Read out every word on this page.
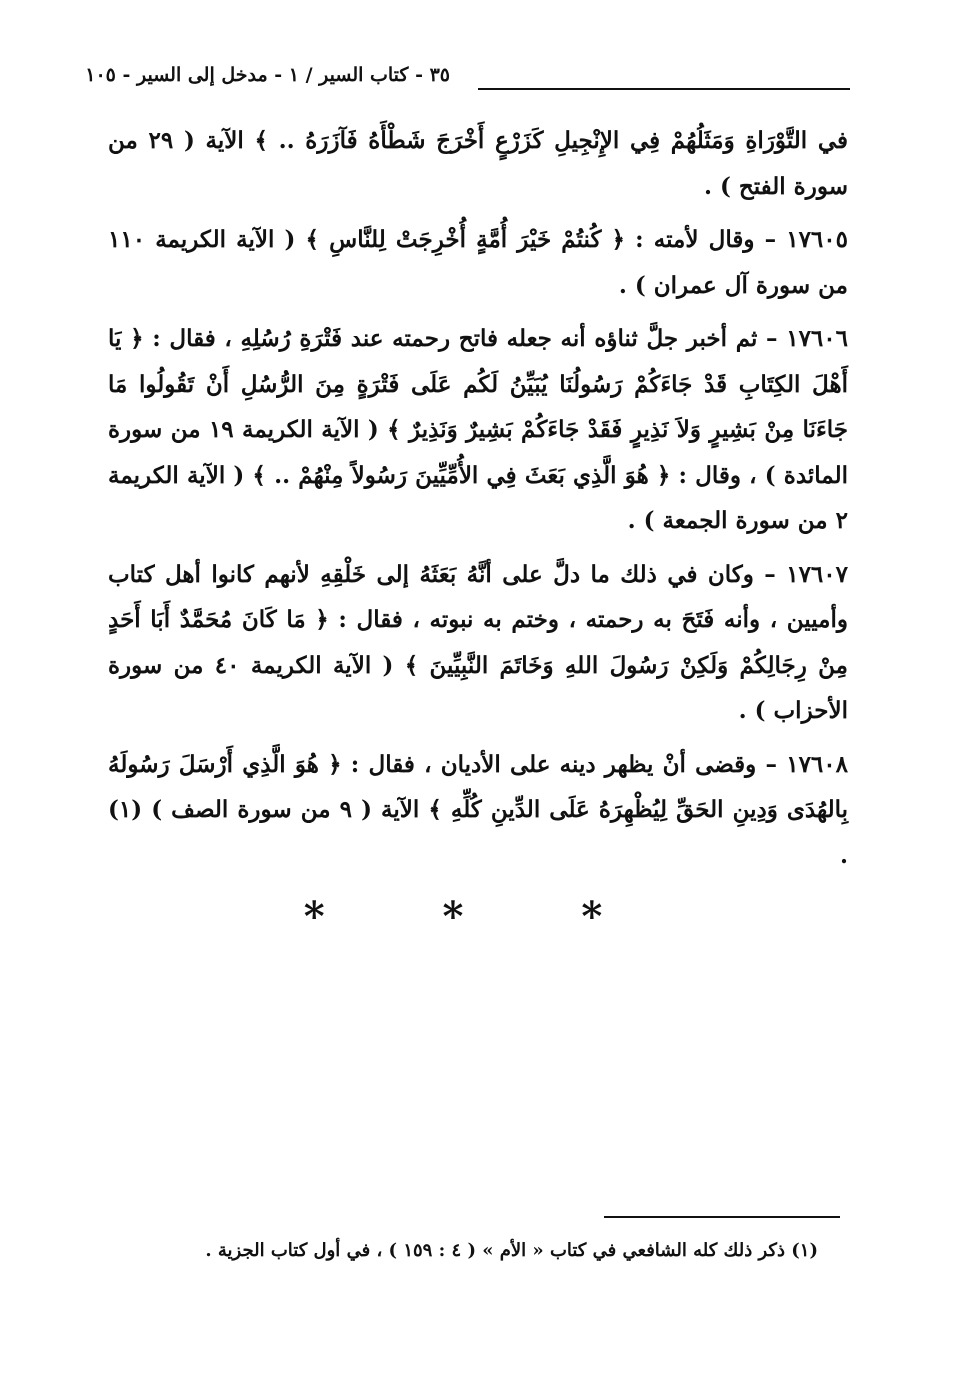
٣٥ - كتاب السير / ١ - مدخل إلى السير - ١٠٥

في التَّوْرَاةِ وَمَثَلُهُمْ فِي الإِنْجِيلِ كَزَرْعٍ أَخْرَجَ شَطْأَهُ فَآزَرَهُ .. ﴾ الآية ( ٢٩ من سورة الفتح ) .

١٧٦٠٥ – وقال لأمته : ﴿ كُنتُمْ خَيْرَ أُمَّةٍ أُخْرِجَتْ لِلنَّاسِ ﴾ ( الآية الكريمة ١١٠ من سورة آل عمران ) .

١٧٦٠٦ – ثم أخبر جلَّ ثناؤه أنه جعله فاتح رحمته عند فَتْرَةِ رُسُلِهِ ، فقال : ﴿ يَا أَهْلَ الكِتَابِ قَدْ جَاءَكُمْ رَسُولُنَا يُبَيِّنُ لَكُم عَلَى فَتْرَةٍ مِنَ الرُّسُلِ أَنْ تَقُولُوا مَا جَاءَنَا مِنْ بَشِيرٍ وَلاَ نَذِيرٍ فَقَدْ جَاءَكُمْ بَشِيرٌ وَنَذِيرٌ ﴾ ( الآية الكريمة ١٩ من سورة المائدة ) ، وقال : ﴿ هُوَ الَّذِي بَعَثَ فِي الأُمِّيِّينَ رَسُولاً مِنْهُمْ .. ﴾ ( الآية الكريمة ٢ من سورة الجمعة ) .

١٧٦٠٧ – وكان في ذلك ما دلَّ على أنَّهُ بَعَثَهُ إلى خَلْقِهِ لأنهم كانوا أهل كتاب وأميين ، وأنه فَتَحَ به رحمته ، وختم به نبوته ، فقال : ﴿ مَا كَانَ مُحَمَّدٌ أَبَا أَحَدٍ مِنْ رِجَالِكُمْ وَلَكِنْ رَسُولَ اللهِ وَخَاتَمَ النَّبِيِّينَ ﴾ ( الآية الكريمة ٤٠ من سورة الأحزاب ) .

١٧٦٠٨ – وقضى أنْ يظهر دينه على الأديان ، فقال : ﴿ هُوَ الَّذِي أَرْسَلَ رَسُولَهُ بِالهُدَى وَدِينِ الحَقِّ لِيُظْهِرَهُ عَلَى الدِّينِ كُلِّهِ ﴾ الآية ( ٩ من سورة الصف ) (١) .

* * *
(١) ذكر ذلك كله الشافعي في كتاب « الأم » ( ٤ : ١٥٩ ) ، في أول كتاب الجزية .
